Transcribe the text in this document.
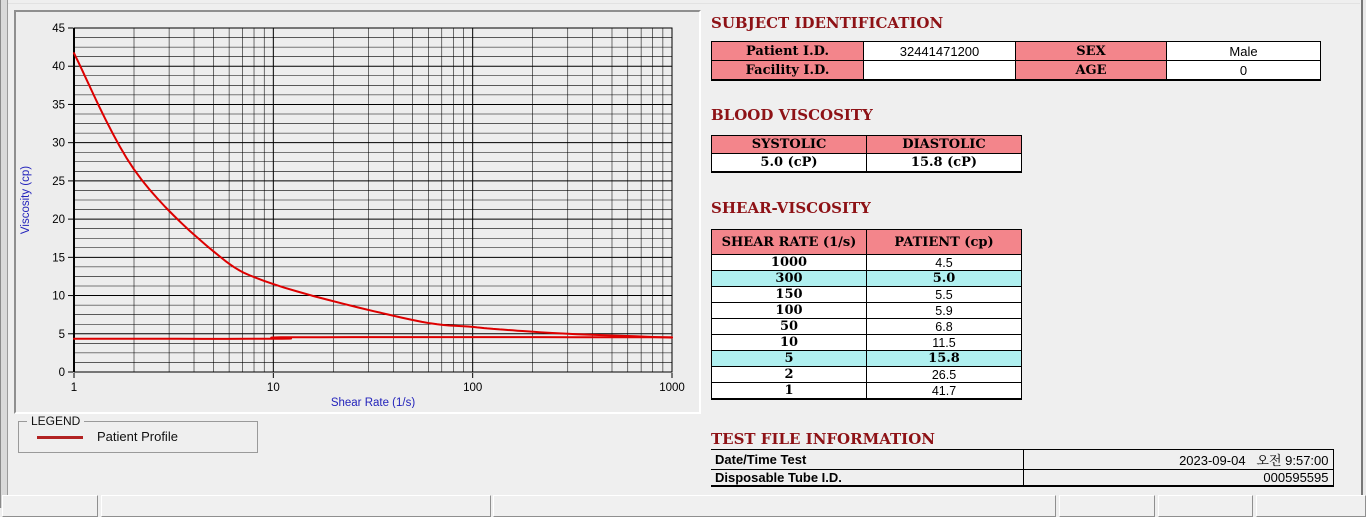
0
5
10
15
20
25
30
35
40
45
1	10	100	1000
Shear Rate (1/s)
Viscosity (cp)
LEGEND
Patient Profile
SUBJECT IDENTIFICATION
Patient I.D.	32441471200	SEX	Male
Facility I.D.		AGE	0
BLOOD VISCOSITY
SYSTOLIC	DIASTOLIC
5.0 (cP)	15.8 (cP)
SHEAR-VISCOSITY
SHEAR RATE (1/s)	PATIENT (cp)
1000	4.5
300	5.0
150	5.5
100	5.9
50	6.8
10	11.5
5	15.8
2	26.5
1	41.7
TEST FILE INFORMATION
Date/Time Test	2023-09-04   오전 9:57:00
Disposable Tube I.D.	000595595
